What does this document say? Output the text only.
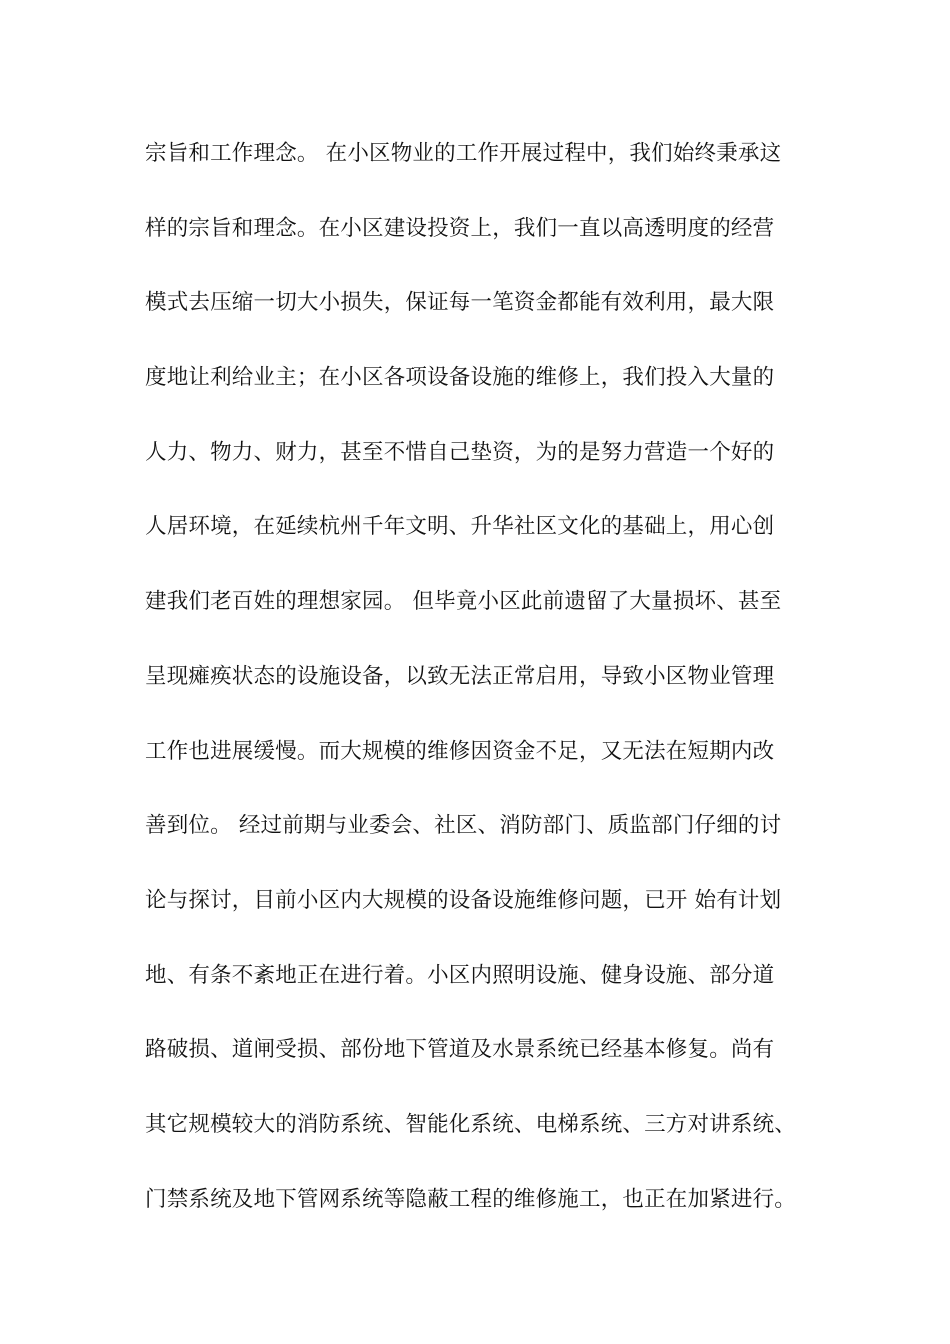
宗旨和工作理念。 在小区物业的工作开展过程中，我们始终秉承这
样的宗旨和理念。在小区建设投资上，我们一直以高透明度的经营
模式去压缩一切大小损失，保证每一笔资金都能有效利用，最大限
度地让利给业主；在小区各项设备设施的维修上，我们投入大量的
人力、物力、财力，甚至不惜自己垫资，为的是努力营造一个好的
人居环境，在延续杭州千年文明、升华社区文化的基础上，用心创
建我们老百姓的理想家园。 但毕竟小区此前遗留了大量损坏、甚至
呈现瘫痪状态的设施设备，以致无法正常启用，导致小区物业管理
工作也进展缓慢。而大规模的维修因资金不足，又无法在短期内改
善到位。 经过前期与业委会、社区、消防部门、质监部门仔细的讨
论与探讨，目前小区内大规模的设备设施维修问题，已开 始有计划
地、有条不紊地正在进行着。小区内照明设施、健身设施、部分道
路破损、道闸受损、部份地下管道及水景系统已经基本修复。尚有
其它规模较大的消防系统、智能化系统、电梯系统、三方对讲系统、
门禁系统及地下管网系统等隐蔽工程的维修施工，也正在加紧进行。
